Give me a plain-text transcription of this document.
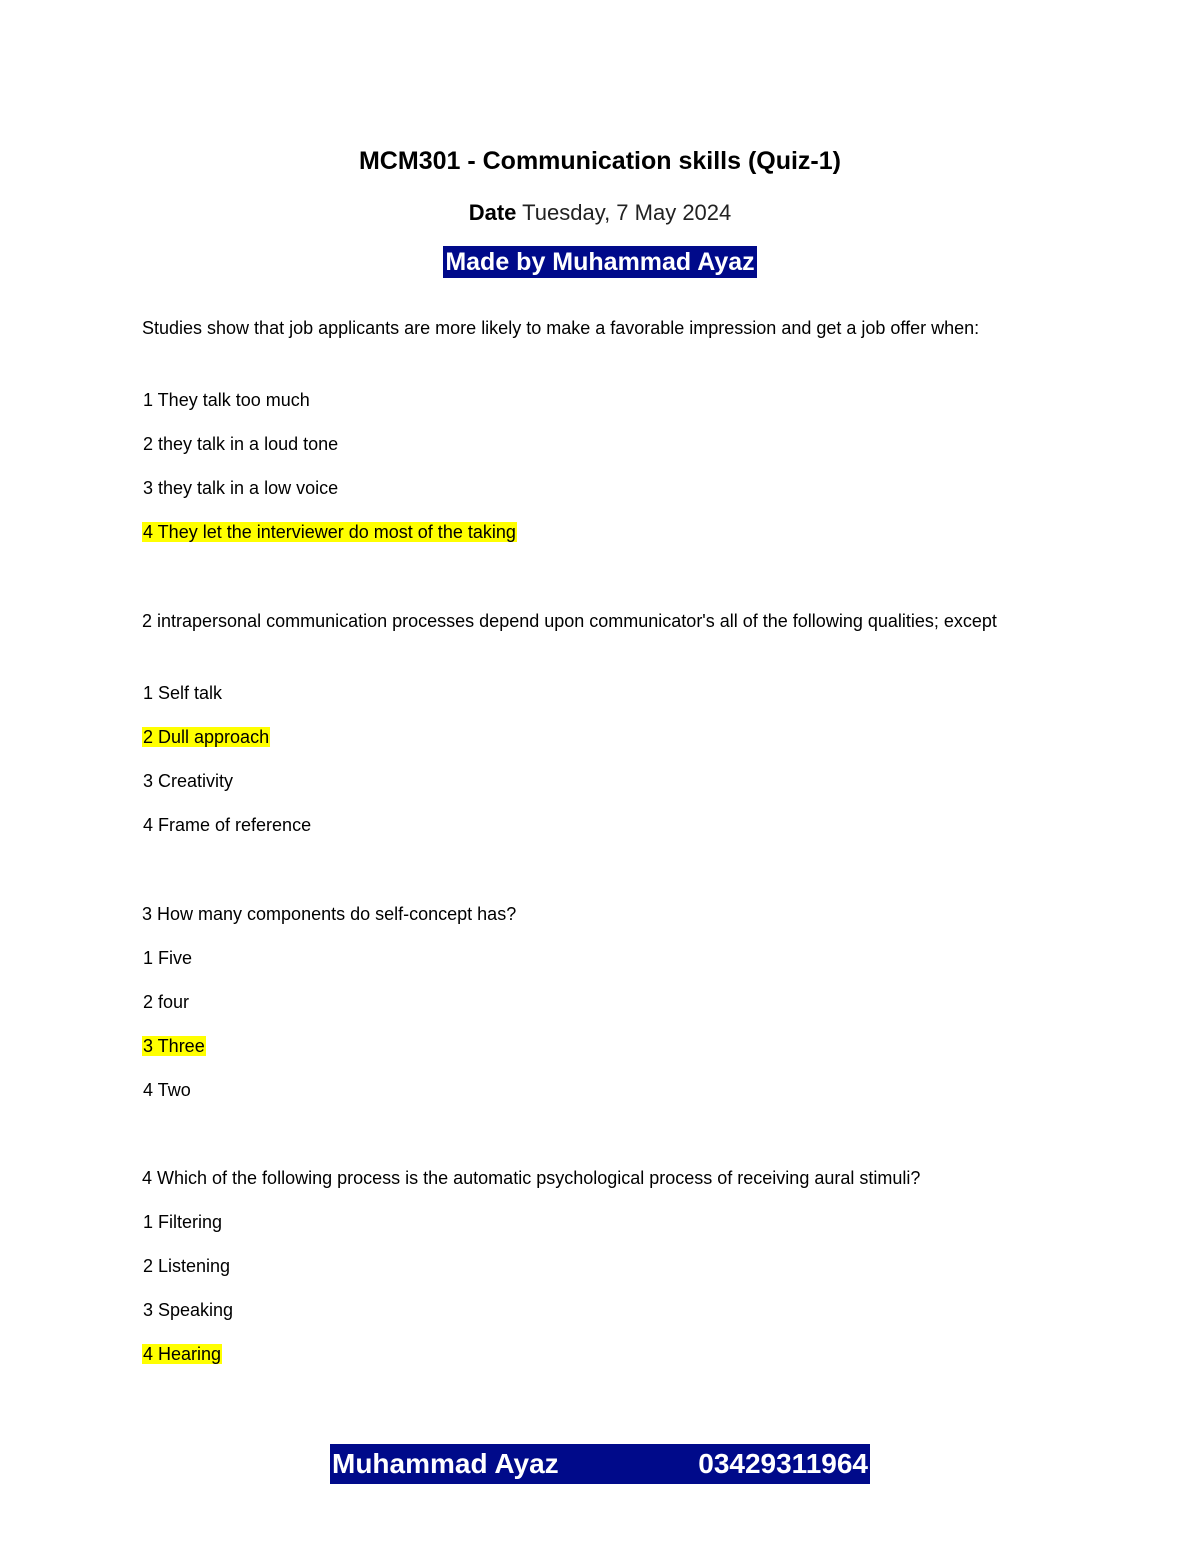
MCM301 - Communication skills (Quiz-1)
Date Tuesday, 7 May 2024
Made by Muhammad Ayaz

Studies show that job applicants are more likely to make a favorable impression and get a job offer when:

1 They talk too much
2 they talk in a loud tone
3 they talk in a low voice
4 They let the interviewer do most of the taking

2 intrapersonal communication processes depend upon communicator's all of the following qualities; except

1 Self talk
2 Dull approach
3 Creativity
4 Frame of reference

3 How many components do self-concept has?

1 Five
2 four
3 Three
4 Two

4 Which of the following process is the automatic psychological process of receiving aural stimuli?

1 Filtering
2 Listening
3 Speaking
4 Hearing
Muhammad Ayaz	03429311964
